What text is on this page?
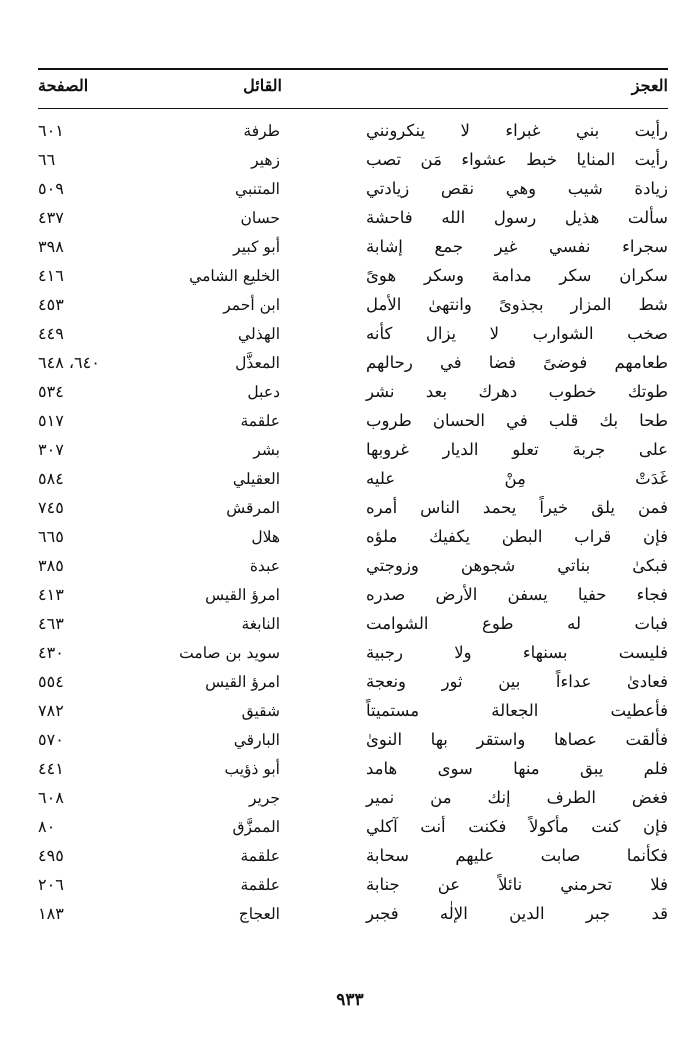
العجز
القائل
الصفحة
رأيت بني غبراء لا ينكرونني
طرفة
٦٠١
رأيت المنايا خبط عشواء مَن تصب
زهير
٦٦
زيادة شيب وهي نقص زيادتي
المتنبي
٥٠٩
سألت هذيل رسول الله فاحشة
حسان
٤٣٧
سجراء نفسي غير جمع إشابة
أبو كبير
٣٩٨
سكران سكر مدامة وسكر هوىً
الخليع الشامي
٤١٦
شط المزار بجذوىً وانتهىٰ الأمل
ابن أحمر
٤٥٣
صخب الشوارب لا يزال كأنه
الهذلي
٤٤٩
طعامهم فوضىً فضا في رحالهم
المعذَّل
٦٤٠، ٦٤٨
طوتك خطوب دهرك بعد نشر
دعبل
٥٣٤
طحا بك قلب في الحسان طروب
علقمة
٥١٧
على جربة تعلو الديار غروبها
بشر
٣٠٧
غَدَتْ مِنْ عليه
العقيلي
٥٨٤
فمن يلق خيراً يحمد الناس أمره
المرقش
٧٤٥
فإن قراب البطن يكفيك ملؤه
هلال
٦٦٥
فبكىٰ بناتي شجوهن وزوجتي
عبدة
٣٨٥
فجاء حفيا يسفن الأرض صدره
امرؤ القيس
٤١٣
فبات له طوع الشوامت
النابغة
٤٦٣
فليست بسنهاء ولا رجبية
سويد بن صامت
٤٣٠
فعادىٰ عداءاً بين ثور ونعجة
امرؤ القيس
٥٥٤
فأعطيت الجعالة مستميتاً
شقيق
٧٨٢
فألقت عصاها واستقر بها النوىٰ
البارقي
٥٧٠
فلم يبق منها سوى هامد
أبو ذؤيب
٤٤١
فغض الطرف إنك من نمير
جرير
٦٠٨
فإن كنت مأكولاً فكنت أنت آكلي
الممزَّق
٨٠
فكأنما صابت عليهم سحابة
علقمة
٤٩٥
فلا تحرمني نائلاً عن جنابة
علقمة
٢٠٦
قد جبر الدين الإلٰه فجبر
العجاج
١٨٣
٩٣٣
